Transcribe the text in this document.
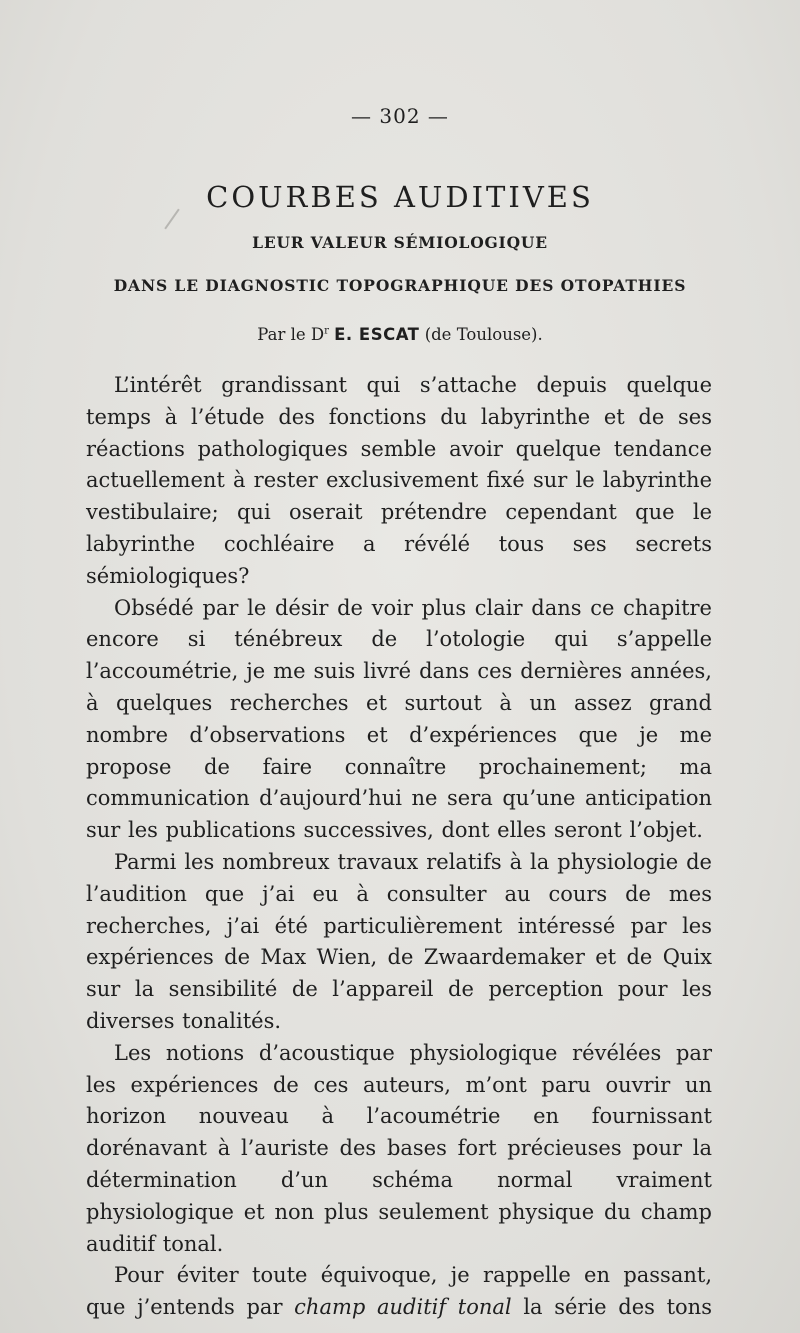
— 302 —
COURBES AUDITIVES
LEUR VALEUR SÉMIOLOGIQUE
DANS LE DIAGNOSTIC TOPOGRAPHIQUE DES OTOPATHIES
Par le $D^r$ E. ESCAT (de Toulouse).

L’intérêt grandissant qui s’attache depuis quelque temps à l’étude des fonctions du labyrinthe et de ses réactions pathologiques semble avoir quelque tendance actuellement à rester exclusivement fixé sur le labyrinthe vestibulaire; qui oserait prétendre cependant que le labyrinthe cochléaire a révélé tous ses secrets sémiologiques?

Obsédé par le désir de voir plus clair dans ce chapitre encore si ténébreux de l’otologie qui s’appelle l’accoumétrie, je me suis livré dans ces dernières années, à quelques recherches et surtout à un assez grand nombre d’observations et d’expériences que je me propose de faire connaître prochainement; ma communication d’aujourd’hui ne sera qu’une anticipation sur les publications successives, dont elles seront l’objet.

Parmi les nombreux travaux relatifs à la physiologie de l’audition que j’ai eu à consulter au cours de mes recherches, j’ai été particulièrement intéressé par les expériences de Max Wien, de Zwaardemaker et de Quix sur la sensibilité de l’appareil de perception pour les diverses tonalités.

Les notions d’acoustique physiologique révélées par les expériences de ces auteurs, m’ont paru ouvrir un horizon nouveau à l’acoumétrie en fournissant dorénavant à l’auriste des bases fort précieuses pour la détermination d’un schéma normal vraiment physiologique et non plus seulement physique du champ auditif tonal.

Pour éviter toute équivoque, je rappelle en passant, que j’entends par champ auditif tonal la série des tons
